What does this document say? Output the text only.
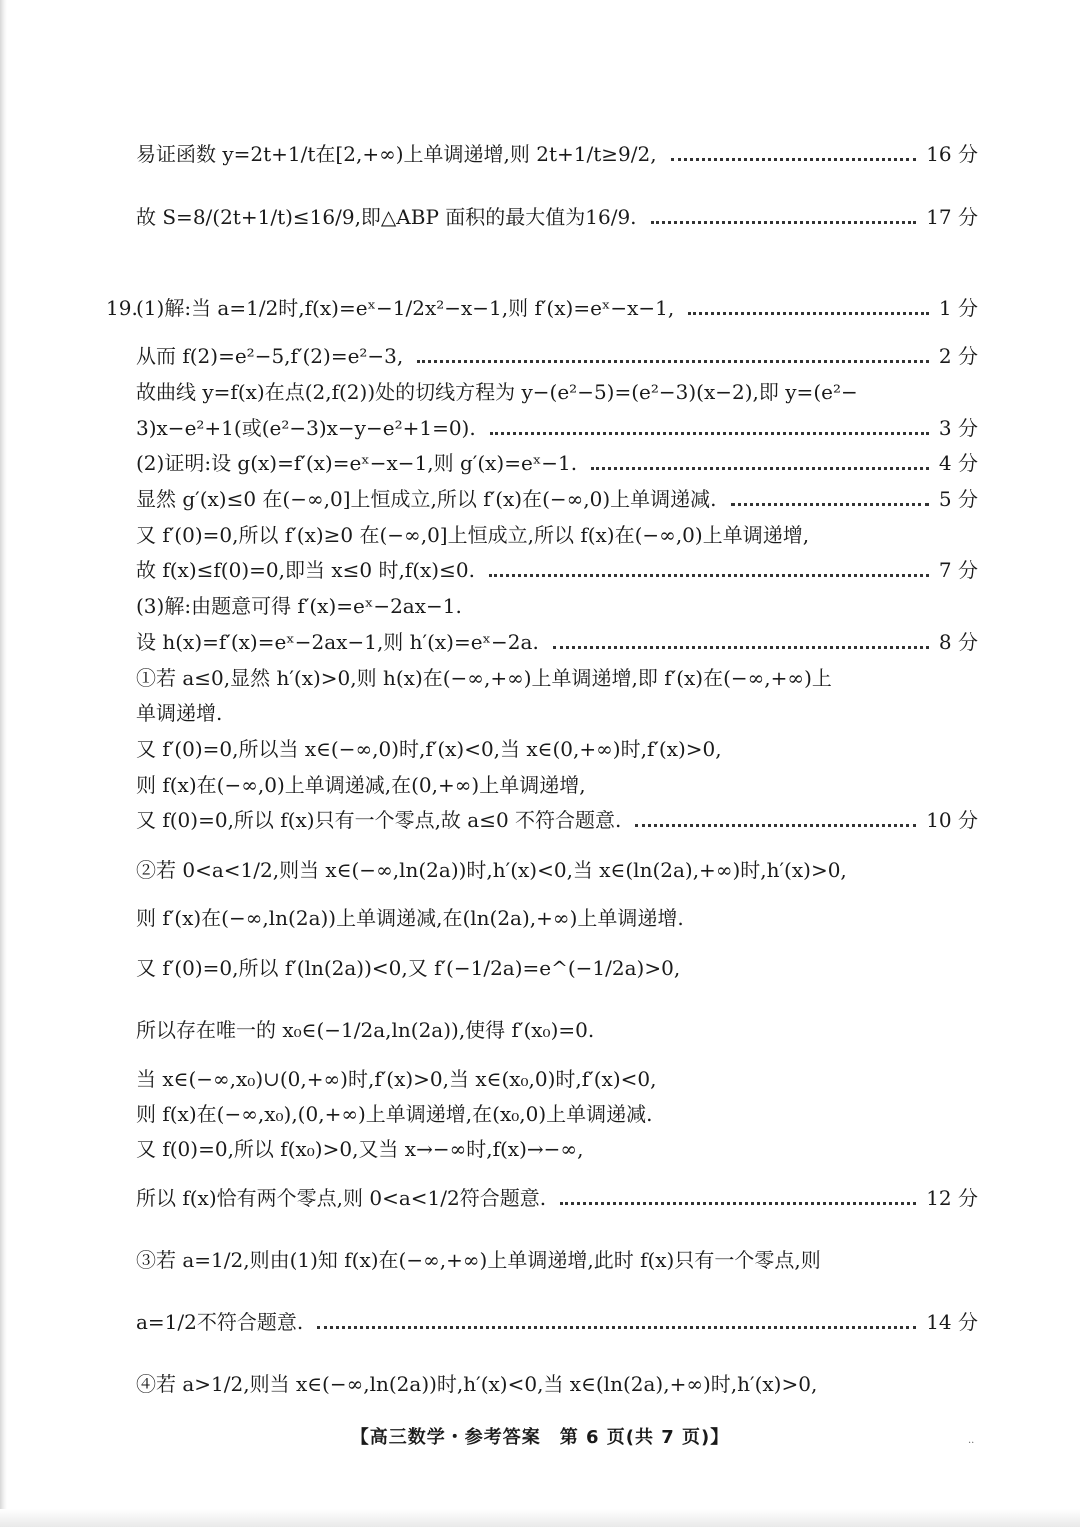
易证函数 y=2t+1/t在[2,+∞)上单调递增,则 2t+1/t≥9/2,	16 分
故 S=8/(2t+1/t)≤16/9,即△ABP 面积的最大值为16/9.	17 分
19.
(1)解:当 a=1/2时,f(x)=eˣ−1/2x²−x−1,则 f′(x)=eˣ−x−1,	1 分
从而 f(2)=e²−5,f′(2)=e²−3,	2 分
故曲线 y=f(x)在点(2,f(2))处的切线方程为 y−(e²−5)=(e²−3)(x−2),即 y=(e²−
3)x−e²+1(或(e²−3)x−y−e²+1=0).	3 分
(2)证明:设 g(x)=f′(x)=eˣ−x−1,则 g′(x)=eˣ−1.	4 分
显然 g′(x)≤0 在(−∞,0]上恒成立,所以 f′(x)在(−∞,0)上单调递减.	5 分
又 f′(0)=0,所以 f′(x)≥0 在(−∞,0]上恒成立,所以 f(x)在(−∞,0)上单调递增,
故 f(x)≤f(0)=0,即当 x≤0 时,f(x)≤0.	7 分
(3)解:由题意可得 f′(x)=eˣ−2ax−1.
设 h(x)=f′(x)=eˣ−2ax−1,则 h′(x)=eˣ−2a.	8 分
①若 a≤0,显然 h′(x)>0,则 h(x)在(−∞,+∞)上单调递增,即 f′(x)在(−∞,+∞)上
单调递增.
又 f′(0)=0,所以当 x∈(−∞,0)时,f′(x)<0,当 x∈(0,+∞)时,f′(x)>0,
则 f(x)在(−∞,0)上单调递减,在(0,+∞)上单调递增,
又 f(0)=0,所以 f(x)只有一个零点,故 a≤0 不符合题意.	10 分
②若 0<a<1/2,则当 x∈(−∞,ln(2a))时,h′(x)<0,当 x∈(ln(2a),+∞)时,h′(x)>0,
则 f′(x)在(−∞,ln(2a))上单调递减,在(ln(2a),+∞)上单调递增.
又 f′(0)=0,所以 f′(ln(2a))<0,又 f′(−1/2a)=e^(−1/2a)>0,
所以存在唯一的 x₀∈(−1/2a,ln(2a)),使得 f′(x₀)=0.
当 x∈(−∞,x₀)∪(0,+∞)时,f′(x)>0,当 x∈(x₀,0)时,f′(x)<0,
则 f(x)在(−∞,x₀),(0,+∞)上单调递增,在(x₀,0)上单调递减.
又 f(0)=0,所以 f(x₀)>0,又当 x→−∞时,f(x)→−∞,
所以 f(x)恰有两个零点,则 0<a<1/2符合题意.	12 分
③若 a=1/2,则由(1)知 f(x)在(−∞,+∞)上单调递增,此时 f(x)只有一个零点,则
a=1/2不符合题意.	14 分
④若 a>1/2,则当 x∈(−∞,ln(2a))时,h′(x)<0,当 x∈(ln(2a),+∞)时,h′(x)>0,
【高三数学・参考答案　第 6 页(共 7 页)】	..
